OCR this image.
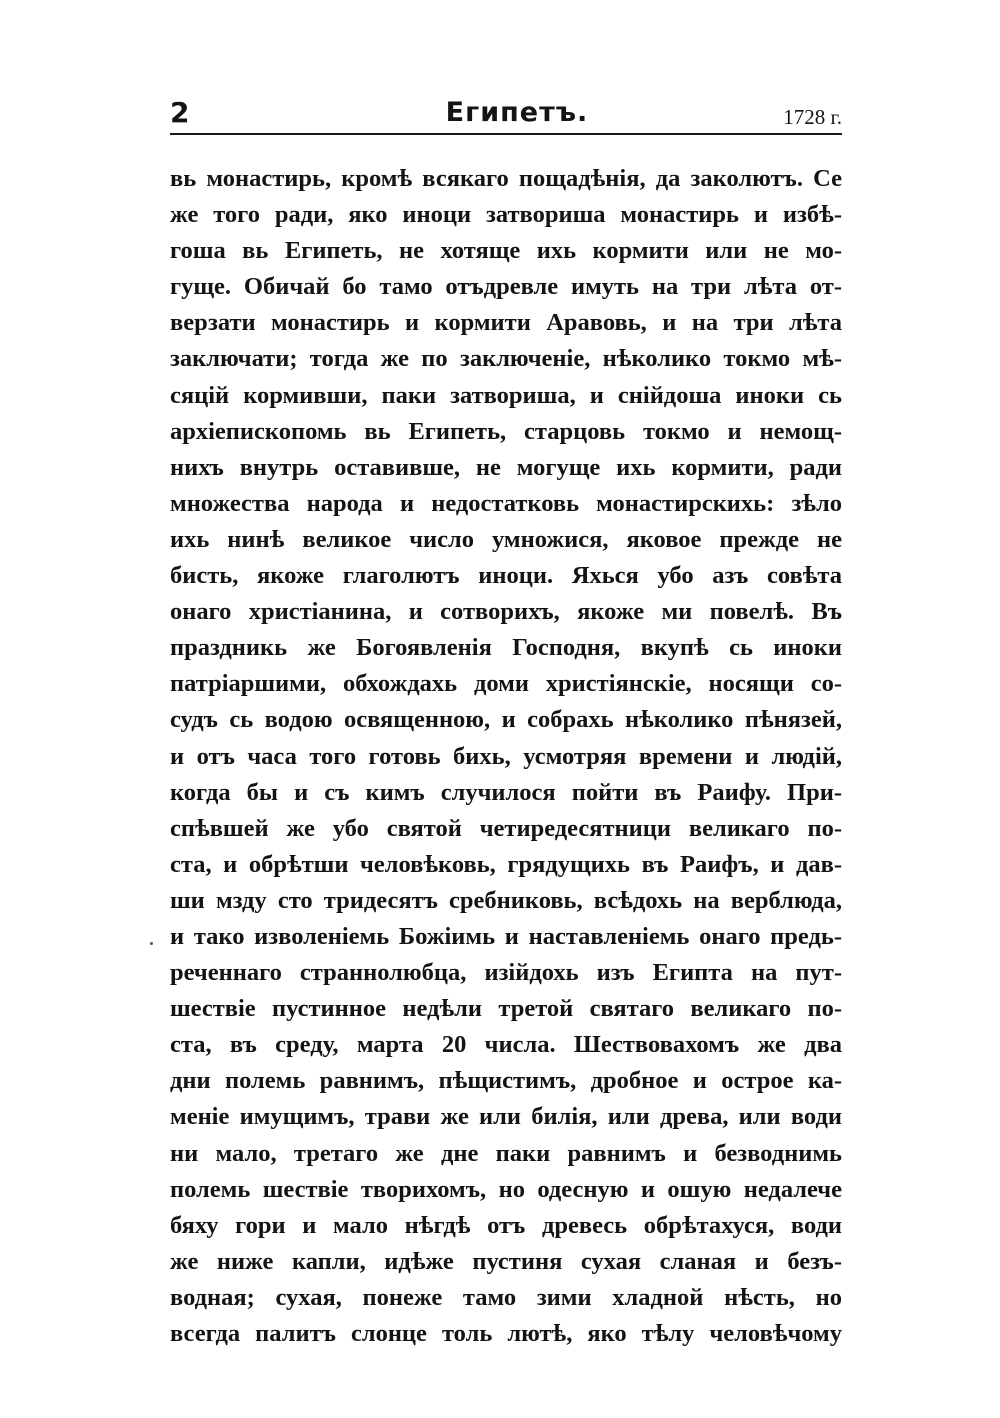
2	Египетъ.	1728 г.
вь монастирь, кромѣ всякаго пощадѣнія, да заколютъ. Се
же того ради, яко иноци затвориша монастирь и избѣ-
гоша вь Египеть, не хотяще ихь кормити или не мо-
гуще. Обичай бо тамо отъдревле имуть на три лѣта от-
верзати монастирь и кормити Аравовь, и на три лѣта
заключати; тогда же по заключеніе, нѣколико токмо мѣ-
сяцій кормивши, паки затвориша, и снійдоша иноки сь
архіепископомь вь Египеть, старцовь токмо и немощ-
нихъ внутрь оставивше, не могуще ихь кормити, ради
множества народа и недостатковь монастирскихь: зѣло
ихь нинѣ великое число умножися, яковое прежде не
бисть, якоже глаголютъ иноци. Яхься убо азъ совѣта
онаго христіанина, и сотворихъ, якоже ми повелѣ. Въ
праздникь же Богоявленія Господня, вкупѣ сь иноки
патріаршими, обхождахь доми христіянскіе, носящи со-
судъ сь водою освященною, и собрахь нѣколико пѣнязей,
и отъ часа того готовь бихь, усмотряя времени и людій,
когда бы и съ кимъ случилося пойти въ Раифу. При-
спѣвшей же убо святой четиредесятници великаго по-
ста, и обрѣтши человѣковь, грядущихь въ Раифъ, и дав-
ши мзду сто тридесятъ сребниковь, всѣдохь на верблюда,
и тако изволеніемь Божіимь и наставленіемь онаго предь-
реченнаго страннолюбца, изійдохь изъ Египта на пут-
шествіе пустинное недѣли третой святаго великаго по-
ста, въ среду, марта 20 числа. Шествовахомъ же два
дни полемь равнимъ, пѣщистимъ, дробное и острое ка-
меніе имущимъ, трави же или билія, или древа, или води
ни мало, третаго же дне паки равнимъ и безводнимь
полемь шествіе творихомъ, но одесную и ошую недалече
бяху гори и мало нѣгдѣ отъ древесь обрѣтахуся, води
же ниже капли, идѣже пустиня сухая сланая и безъ-
водная; сухая, понеже тамо зими хладной нѣсть, но
всегда палитъ слонце толь лютѣ, яко тѣлу человѣчому
